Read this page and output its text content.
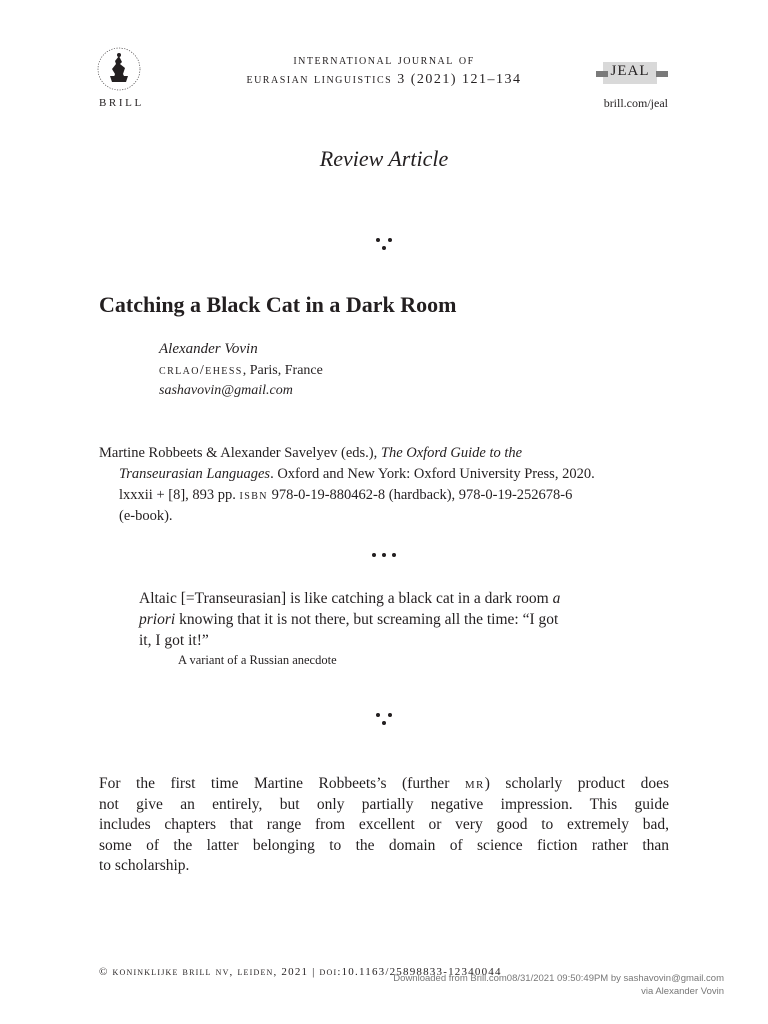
BRILL
international journal of
eurasian linguistics 3 (2021) 121–134
JEAL
brill.com/jeal
Review Article
Catching a Black Cat in a Dark Room
Alexander Vovin
crlao/ehess, Paris, France
sashavovin@gmail.com
Martine Robbeets & Alexander Savelyev (eds.), The Oxford Guide to the
Transeurasian Languages. Oxford and New York: Oxford University Press, 2020.
lxxxii + [8], 893 pp. isbn 978-0-19-880462-8 (hardback), 978-0-19-252678-6
(e-book).
Altaic [=Transeurasian] is like catching a black cat in a dark room a
priori knowing that it is not there, but screaming all the time: “I got
it, I got it!”
A variant of a Russian anecdote
For the first time Martine Robbeets’s (further mr) scholarly product does
not give an entirely, but only partially negative impression. This guide
includes chapters that range from excellent or very good to extremely bad,
some of the latter belonging to the domain of science fiction rather than
to scholarship.
© koninklijke brill nv, leiden, 2021 | doi:10.1163/25898833-12340044
Downloaded from Brill.com08/31/2021 09:50:49PM by sashavovin@gmail.com
via Alexander Vovin
